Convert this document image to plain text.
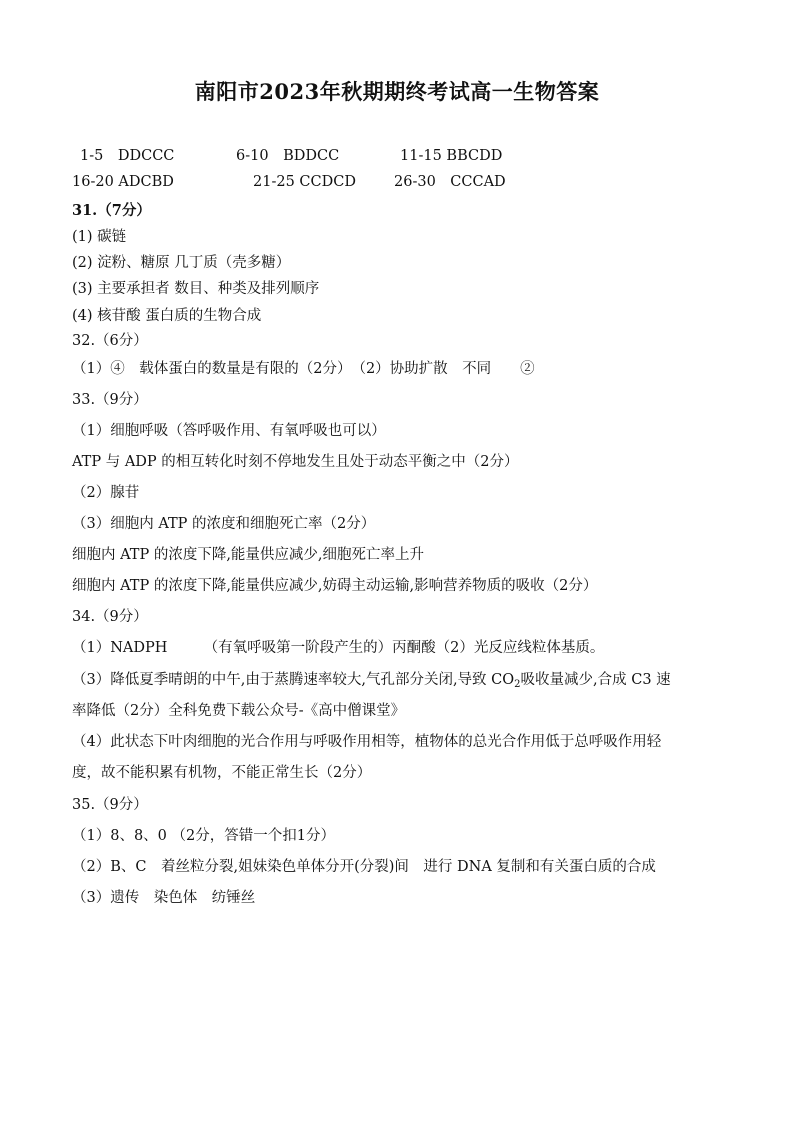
南阳市2023年秋期期终考试高一生物答案
1-5　DDCCC	6-10　BDDCC	11-15 BBCDD
16-20 ADCBD	21-25 CCDCD	26-30　CCCAD
31.（7分）
(1) 碳链
(2) 淀粉、糖原 几丁质（壳多糖）
(3) 主要承担者 数目、种类及排列顺序
(4) 核苷酸 蛋白质的生物合成
32.（6分）
（1）④　载体蛋白的数量是有限的（2分）　（2）协助扩散　不同　　②
33.（9分）
（1）细胞呼吸（答呼吸作用、有氧呼吸也可以）
ATP 与 ADP 的相互转化时刻不停地发生且处于动态平衡之中（2分）
（2）腺苷
（3）细胞内 ATP 的浓度和细胞死亡率（2分）
细胞内 ATP 的浓度下降,能量供应减少,细胞死亡率上升
细胞内 ATP 的浓度下降,能量供应减少,妨碍主动运输,影响营养物质的吸收（2分）
34.（9分）
（1）NADPH　　　（有氧呼吸第一阶段产生的）丙酮酸（2）光反应线粒体基质。
（3）降低夏季晴朗的中午,由于蒸腾速率较大,气孔部分关闭,导致 $CO_2$吸收量减少,合成 C3 速
率降低（2分）全科免费下载公众号-《高中僧课堂》
（4）此状态下叶肉细胞的光合作用与呼吸作用相等，植物体的总光合作用低于总呼吸作用轻
度，故不能积累有机物，不能正常生长（2分）
35.（9分）
（1）8、8、0 （2分，答错一个扣1分）
（2）B、C　着丝粒分裂,姐妹染色单体分开(分裂)间　进行 DNA 复制和有关蛋白质的合成
（3）遗传　染色体　纺锤丝
